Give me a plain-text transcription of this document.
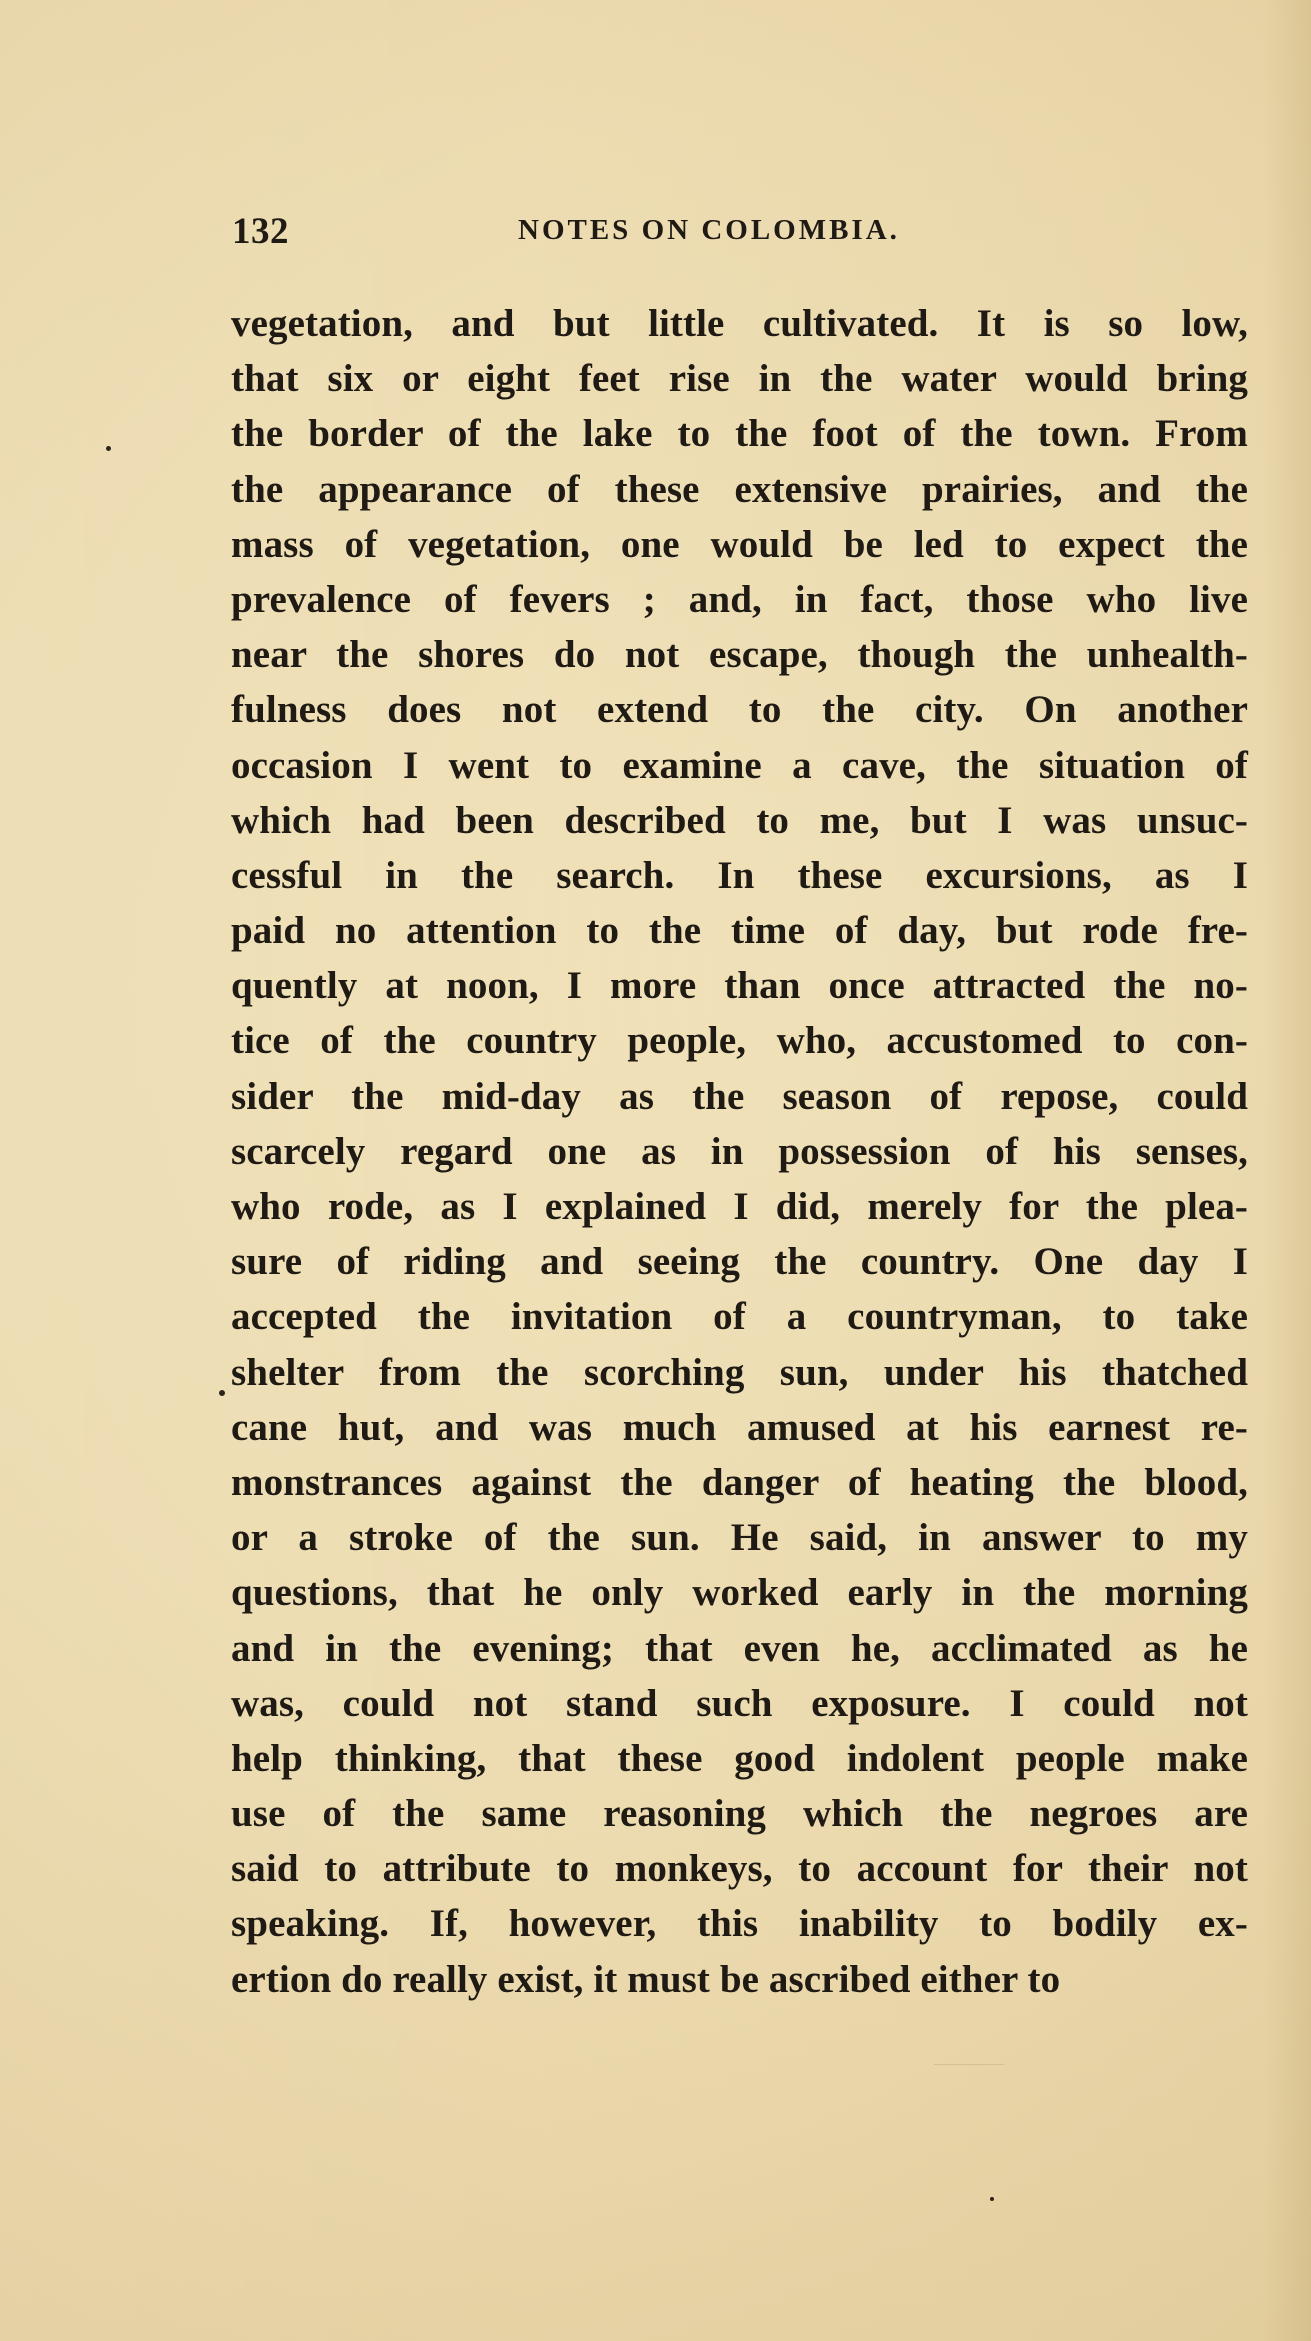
132	NOTES ON COLOMBIA.
vegetation, and but little cultivated. It is so low,
that six or eight feet rise in the water would bring
the border of the lake to the foot of the town. From
the appearance of these extensive prairies, and the
mass of vegetation, one would be led to expect the
prevalence of fevers ; and, in fact, those who live
near the shores do not escape, though the unhealth-
fulness does not extend to the city. On another
occasion I went to examine a cave, the situation of
which had been described to me, but I was unsuc-
cessful in the search. In these excursions, as I
paid no attention to the time of day, but rode fre-
quently at noon, I more than once attracted the no-
tice of the country people, who, accustomed to con-
sider the mid-day as the season of repose, could
scarcely regard one as in possession of his senses,
who rode, as I explained I did, merely for the plea-
sure of riding and seeing the country. One day I
accepted the invitation of a countryman, to take
shelter from the scorching sun, under his thatched
cane hut, and was much amused at his earnest re-
monstrances against the danger of heating the blood,
or a stroke of the sun. He said, in answer to my
questions, that he only worked early in the morning
and in the evening; that even he, acclimated as he
was, could not stand such exposure. I could not
help thinking, that these good indolent people make
use of the same reasoning which the negroes are
said to attribute to monkeys, to account for their not
speaking. If, however, this inability to bodily ex-
ertion do really exist, it must be ascribed either to
